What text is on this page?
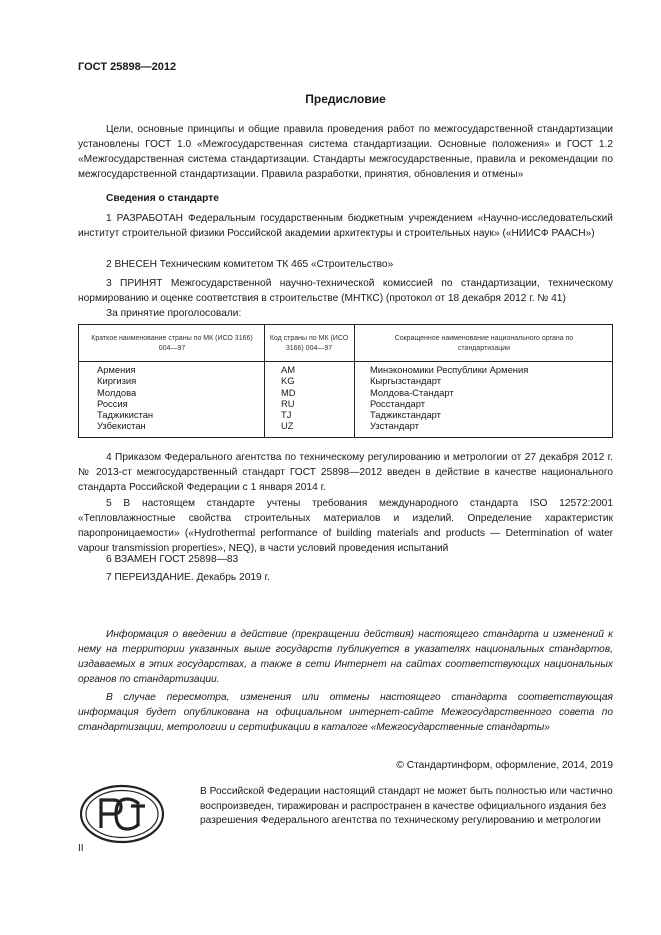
ГОСТ 25898—2012
Предисловие

Цели, основные принципы и общие правила проведения работ по межгосударственной стандартизации установлены ГОСТ 1.0 «Межгосударственная система стандартизации. Основные положения» и ГОСТ 1.2 «Межгосударственная система стандартизации. Стандарты межгосударственные, правила и рекомендации по межгосударственной стандартизации. Правила разработки, принятия, обновления и отмены»

Сведения о стандарте

1 РАЗРАБОТАН Федеральным государственным бюджетным учреждением «Научно-исследовательский институт строительной физики Российской академии архитектуры и строительных наук» («НИИСФ РААСН»)

2 ВНЕСЕН Техническим комитетом ТК 465 «Строительство»

3 ПРИНЯТ Межгосударственной научно-технической комиссией по стандартизации, техническому нормированию и оценке соответствия в строительстве (МНТКС) (протокол от 18 декабря 2012 г. № 41)

За принятие проголосовали:

Краткое наименование страны по МК (ИСО 3166) 004—97
Код страны по МК (ИСО 3166) 004—97
Сокращенное наименование национального органа по стандартизации
Армения
Киргизия
Молдова
Россия
Таджикистан
Узбекистан
AM
KG
MD
RU
TJ
UZ
Минэкономики Республики Армения
Кыргызстандарт
Молдова-Стандарт
Росстандарт
Таджикстандарт
Узстандарт

4 Приказом Федерального агентства по техническому регулированию и метрологии от 27 декабря 2012 г. № 2013-ст межгосударственный стандарт ГОСТ 25898—2012 введен в действие в качестве национального стандарта Российской Федерации с 1 января 2014 г.

5 В настоящем стандарте учтены требования международного стандарта ISO 12572:2001 «Тепловлажностные свойства строительных материалов и изделий. Определение характеристик паропроницаемости» («Hydrothermal performance of building materials and products — Determination of water vapour transmission properties», NEQ), в части условий проведения испытаний

6 ВЗАМЕН ГОСТ 25898—83

7 ПЕРЕИЗДАНИЕ. Декабрь 2019 г.

Информация о введении в действие (прекращении действия) настоящего стандарта и изменений к нему на территории указанных выше государств публикуется в указателях национальных стандартов, издаваемых в этих государствах, а также в сети Интернет на сайтах соответствующих национальных органов по стандартизации.

В случае пересмотра, изменения или отмены настоящего стандарта соответствующая информация будет опубликована на официальном интернет-сайте Межгосударственного совета по стандартизации, метрологии и сертификации в каталоге «Межгосударственные стандарты»

© Стандартинформ, оформление, 2014, 2019

В Российской Федерации настоящий стандарт не может быть полностью или частично воспроизведен, тиражирован и распространен в качестве официального издания без разрешения Федерального агентства по техническому регулированию и метрологии

II
